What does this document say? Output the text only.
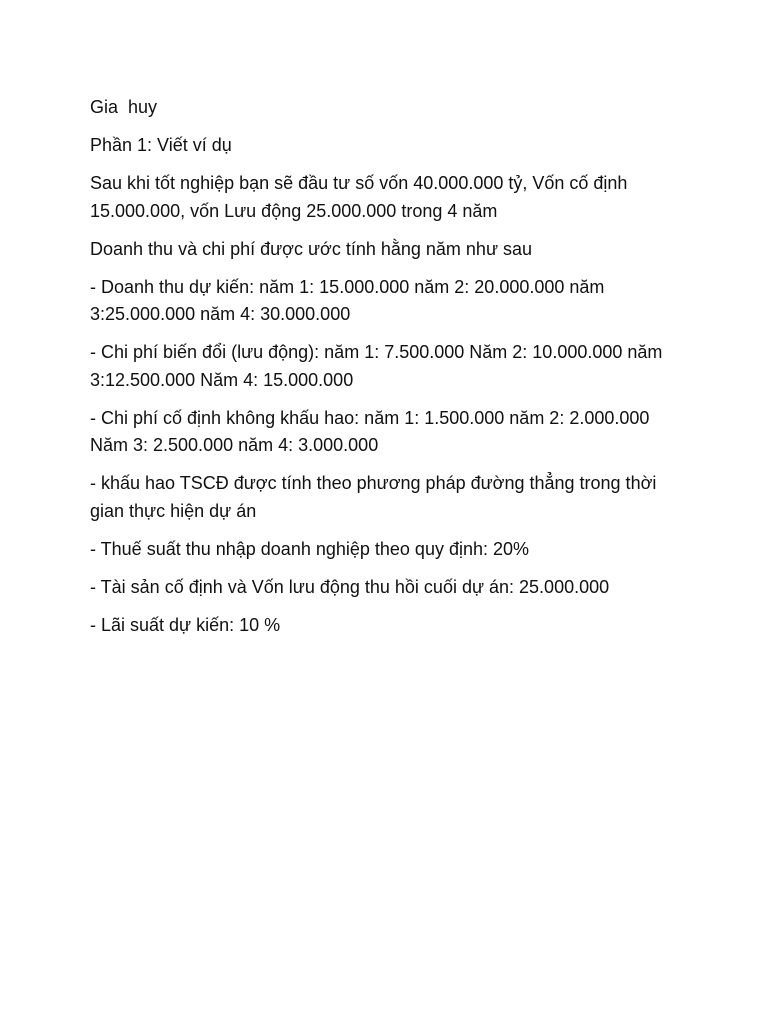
Gia  huy

Phần 1: Viết ví dụ

Sau khi tốt nghiệp bạn sẽ đầu tư số vốn 40.000.000 tỷ, Vốn cố định 15.000.000, vốn Lưu động 25.000.000 trong 4 năm

Doanh thu và chi phí được ước tính hằng năm như sau

- Doanh thu dự kiến: năm 1: 15.000.000 năm 2: 20.000.000 năm 3:25.000.000 năm 4: 30.000.000

- Chi phí biến đổi (lưu động): năm 1: 7.500.000 Năm 2: 10.000.000 năm 3:12.500.000 Năm 4: 15.000.000

- Chi phí cố định không khấu hao: năm 1: 1.500.000 năm 2: 2.000.000 Năm 3: 2.500.000 năm 4: 3.000.000

- khấu hao TSCĐ được tính theo phương pháp đường thẳng trong thời gian thực hiện dự án

- Thuế suất thu nhập doanh nghiệp theo quy định: 20%

- Tài sản cố định và Vốn lưu động thu hồi cuối dự án: 25.000.000

- Lãi suất dự kiến: 10 %
